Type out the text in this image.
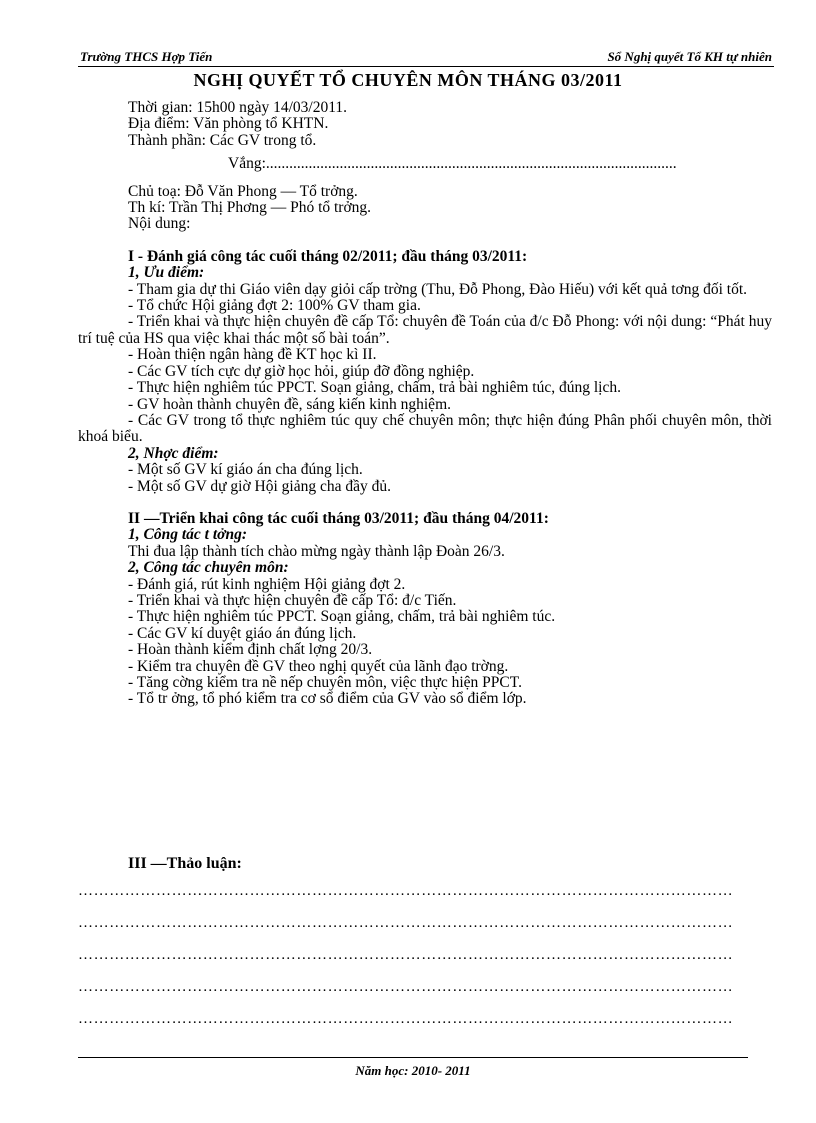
Trường THCS Hợp Tiến	Sổ Nghị quyết Tổ KH tự nhiên
NGHỊ QUYẾT TỔ CHUYÊN MÔN THÁNG 03/2011

Thời gian: 15h00 ngày 14/03/2011.

Địa điểm: Văn phòng tổ KHTN.

Thành phần: Các GV trong tổ.

Vắng:..........................................................................................................

Chủ toạ: Đỗ Văn Phong — Tổ trởng.

Th kí: Trần Thị Phơng — Phó tổ trởng.

Nội dung:

I - Đánh giá công tác cuối tháng 02/2011; đầu tháng 03/2011:

1, Ưu điểm:

- Tham gia dự thi Giáo viên dạy giỏi cấp trờng (Thu, Đỗ Phong, Đào Hiếu) với kết quả tơng đối tốt.

- Tổ chức Hội giảng đợt 2: 100% GV tham gia.

- Triển khai và thực hiện chuyên đề cấp Tổ: chuyên đề Toán của đ/c Đỗ Phong: với nội dung: “Phát huy trí tuệ của HS qua việc khai thác một số bài toán”.

- Hoàn thiện ngân hàng đề KT học kì II.

- Các GV tích cực dự giờ học hỏi, giúp đỡ đồng nghiệp.

- Thực hiện nghiêm túc PPCT. Soạn giảng, chấm, trả bài nghiêm túc, đúng lịch.

- GV hoàn thành chuyên đề, sáng kiến kinh nghiệm.

- Các GV trong tổ thực nghiêm túc quy chế chuyên môn; thực hiện đúng Phân phối chuyên môn, thời khoá biểu.

2, Nhợc điểm:

- Một số GV kí giáo án cha đúng lịch.

- Một số GV dự giờ Hội giảng cha đầy đủ.

II —Triển khai công tác cuối tháng 03/2011; đầu tháng 04/2011:

1, Công tác t tởng:

Thi đua lập thành tích chào mừng ngày thành lập Đoàn 26/3.

2, Công tác chuyên môn:

- Đánh giá, rút kinh nghiệm Hội giảng đợt 2.

- Triển khai và thực hiện chuyên đề cấp Tổ: đ/c Tiến.

- Thực hiện nghiêm túc PPCT. Soạn giảng, chấm, trả bài nghiêm túc.

- Các GV kí duyệt giáo án đúng lịch.

- Hoàn thành kiểm định chất lợng 20/3.

- Kiểm tra chuyên đề GV theo nghị quyết của lãnh đạo trờng.

- Tăng cờng kiểm tra nề nếp chuyên môn, việc thực hiện PPCT.

- Tổ tr ởng, tổ phó kiểm tra cơ sổ điểm của GV vào sổ điểm lớp.

III —Thảo luận:
………………………………………………………………………………………………………………
………………………………………………………………………………………………………………
………………………………………………………………………………………………………………
………………………………………………………………………………………………………………
………………………………………………………………………………………………………………
Năm học: 2010- 2011
